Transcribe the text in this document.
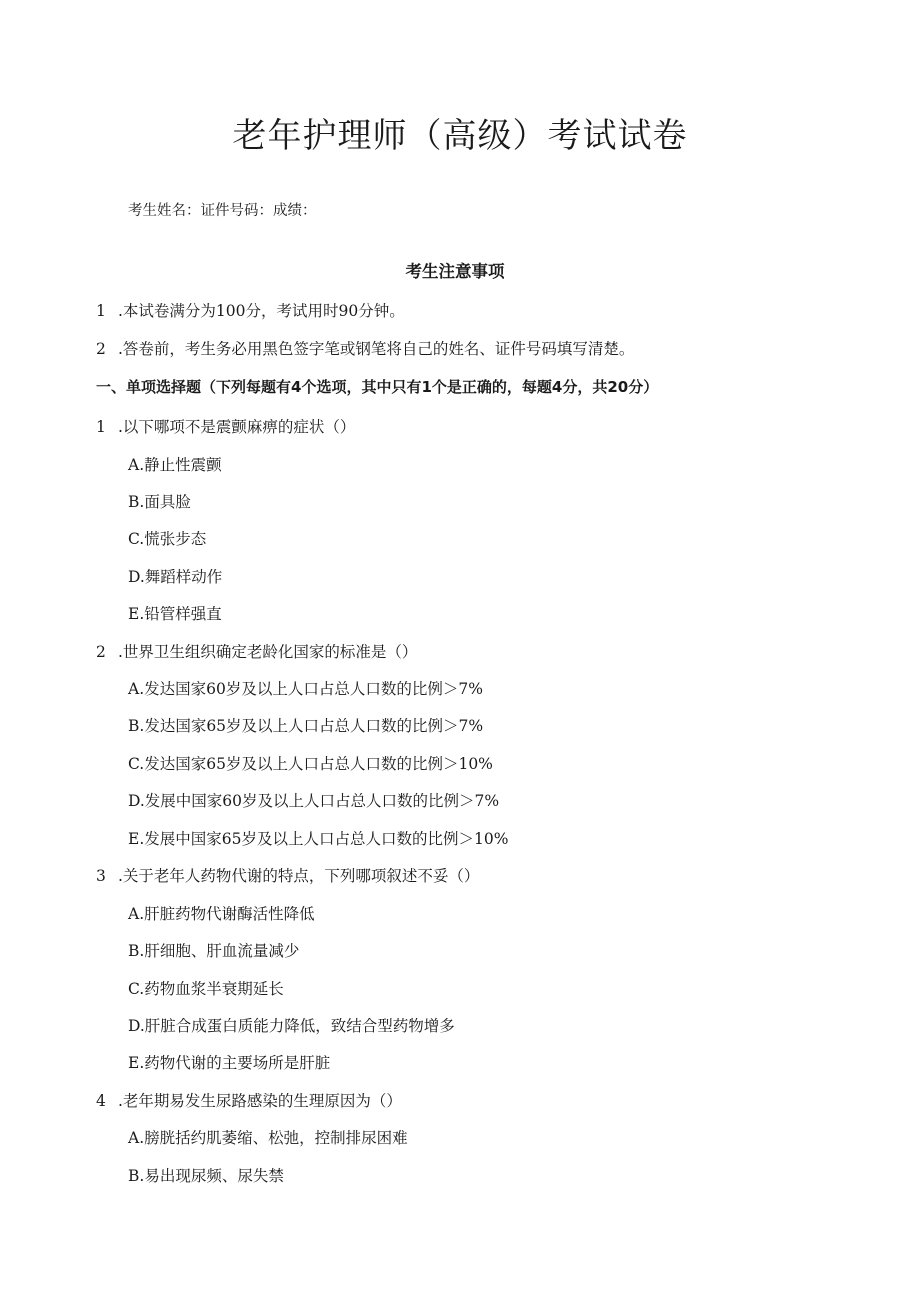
老年护理师（高级）考试试卷
考生姓名：证件号码：成绩：
考生注意事项
1 .本试卷满分为100分，考试用时90分钟。
2 .答卷前，考生务必用黑色签字笔或钢笔将自己的姓名、证件号码填写清楚。
一、单项选择题（下列每题有4个选项，其中只有1个是正确的，每题4分，共20分）
1 .以下哪项不是震颤麻痹的症状（）
A.静止性震颤
B.面具脸
C.慌张步态
D.舞蹈样动作
E.铅管样强直
2 .世界卫生组织确定老龄化国家的标准是（）
A.发达国家60岁及以上人口占总人口数的比例＞7%
B.发达国家65岁及以上人口占总人口数的比例＞7%
C.发达国家65岁及以上人口占总人口数的比例＞10%
D.发展中国家60岁及以上人口占总人口数的比例＞7%
E.发展中国家65岁及以上人口占总人口数的比例＞10%
3 .关于老年人药物代谢的特点，下列哪项叙述不妥（）
A.肝脏药物代谢酶活性降低
B.肝细胞、肝血流量减少
C.药物血浆半衰期延长
D.肝脏合成蛋白质能力降低，致结合型药物增多
E.药物代谢的主要场所是肝脏
4 .老年期易发生尿路感染的生理原因为（）
A.膀胱括约肌萎缩、松弛，控制排尿困难
B.易出现尿频、尿失禁
